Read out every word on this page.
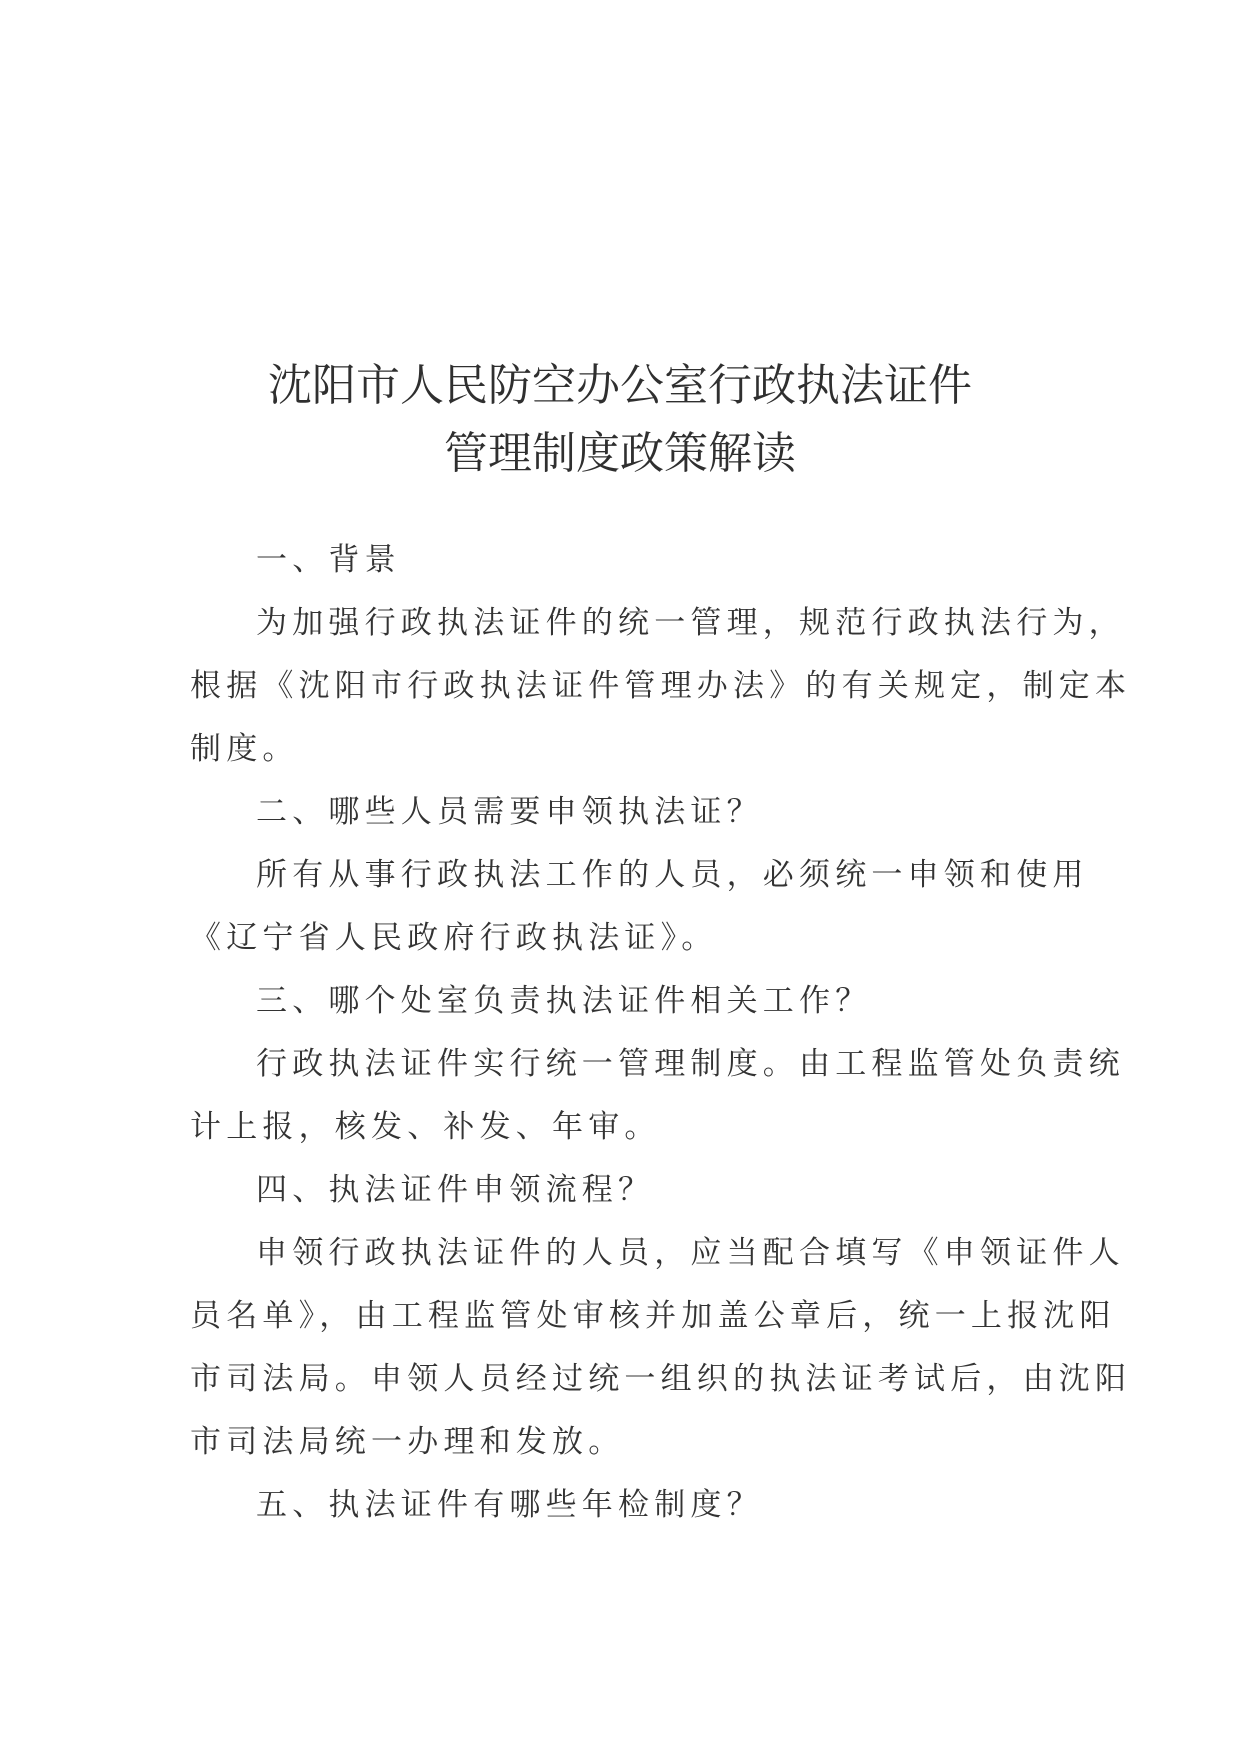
沈阳市人民防空办公室行政执法证件
管理制度政策解读
一、背景
为加强行政执法证件的统一管理，规范行政执法行为，
根据《沈阳市行政执法证件管理办法》的有关规定，制定本
制度。
二、哪些人员需要申领执法证？
所有从事行政执法工作的人员，必须统一申领和使用
《辽宁省人民政府行政执法证》。
三、哪个处室负责执法证件相关工作？
行政执法证件实行统一管理制度。由工程监管处负责统
计上报，核发、补发、年审。
四、执法证件申领流程？
申领行政执法证件的人员，应当配合填写《申领证件人
员名单》，由工程监管处审核并加盖公章后，统一上报沈阳
市司法局。申领人员经过统一组织的执法证考试后，由沈阳
市司法局统一办理和发放。
五、执法证件有哪些年检制度？
